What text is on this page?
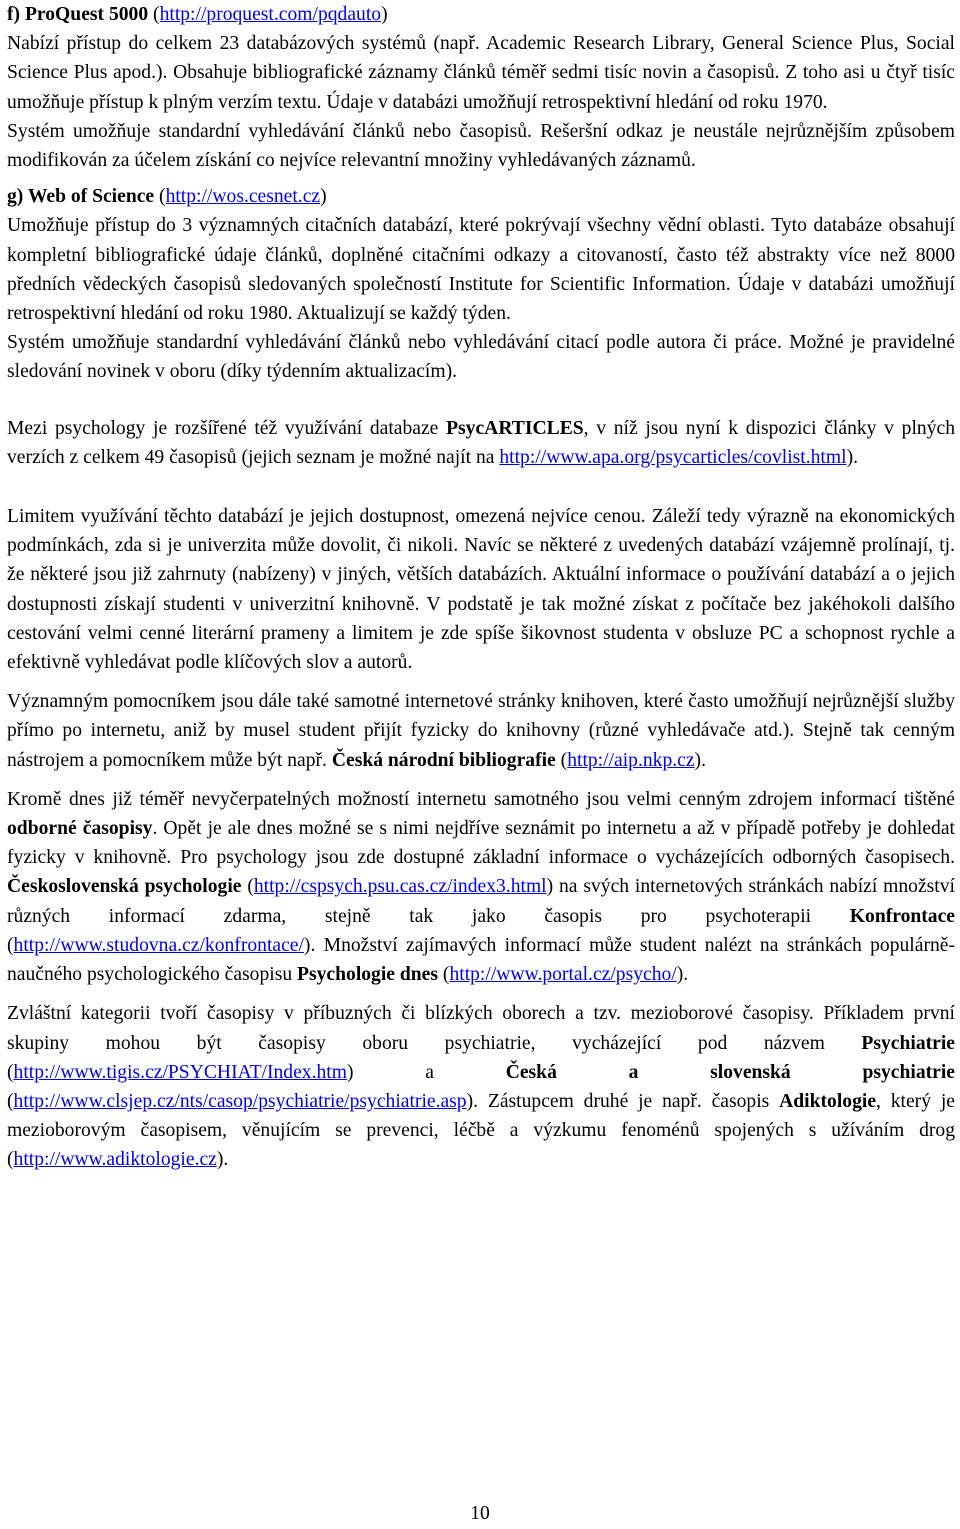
f) ProQuest 5000 (http://proquest.com/pqdauto)

Nabízí přístup do celkem 23 databázových systémů (např. Academic Research Library, General Science Plus, Social Science Plus apod.). Obsahuje bibliografické záznamy článků téměř sedmi tisíc novin a časopisů. Z toho asi u čtyř tisíc umožňuje přístup k plným verzím textu. Údaje v databázi umožňují retrospektivní hledání od roku 1970.

Systém umožňuje standardní vyhledávání článků nebo časopisů. Rešeršní odkaz je neustále nejrůznějším způsobem modifikován za účelem získání co nejvíce relevantní množiny vyhledávaných záznamů.

g) Web of Science (http://wos.cesnet.cz)

Umožňuje přístup do 3 významných citačních databází, které pokrývají všechny vědní oblasti. Tyto databáze obsahují kompletní bibliografické údaje článků, doplněné citačními odkazy a citovaností, často též abstrakty více než 8000 předních vědeckých časopisů sledovaných společností Institute for Scientific Information. Údaje v databázi umožňují retrospektivní hledání od roku 1980. Aktualizují se každý týden.

Systém umožňuje standardní vyhledávání článků nebo vyhledávání citací podle autora či práce. Možné je pravidelné sledování novinek v oboru (díky týdenním aktualizacím).

Mezi psychology je rozšířené též využívání databaze PsycARTICLES, v níž jsou nyní k dispozici články v plných verzích z celkem 49 časopisů (jejich seznam je možné najít na http://www.apa.org/psycarticles/covlist.html).

Limitem využívání těchto databází je jejich dostupnost, omezená nejvíce cenou. Záleží tedy výrazně na ekonomických podmínkách, zda si je univerzita může dovolit, či nikoli. Navíc se některé z uvedených databází vzájemně prolínají, tj. že některé jsou již zahrnuty (nabízeny) v jiných, větších databázích. Aktuální informace o používání databází a o jejich dostupnosti získají studenti v univerzitní knihovně. V podstatě je tak možné získat z počítače bez jakéhokoli dalšího cestování velmi cenné literární prameny a limitem je zde spíše šikovnost studenta v obsluze PC a schopnost rychle a efektivně vyhledávat podle klíčových slov a autorů.

Významným pomocníkem jsou dále také samotné internetové stránky knihoven, které často umožňují nejrůznější služby přímo po internetu, aniž by musel student přijít fyzicky do knihovny (různé vyhledávače atd.). Stejně tak cenným nástrojem a pomocníkem může být např. Česká národní bibliografie (http://aip.nkp.cz).

Kromě dnes již téměř nevyčerpatelných možností internetu samotného jsou velmi cenným zdrojem informací tištěné odborné časopisy. Opět je ale dnes možné se s nimi nejdříve seznámit po internetu a až v případě potřeby je dohledat fyzicky v knihovně. Pro psychology jsou zde dostupné základní informace o vycházejících odborných časopisech. Československá psychologie (http://cspsych.psu.cas.cz/index3.html) na svých internetových stránkách nabízí množství různých informací zdarma, stejně tak jako časopis pro psychoterapii Konfrontace (http://www.studovna.cz/konfrontace/). Množství zajímavých informací může student nalézt na stránkách populárně-naučného psychologického časopisu Psychologie dnes (http://www.portal.cz/psycho/).

Zvláštní kategorii tvoří časopisy v příbuzných či blízkých oborech a tzv. mezioborové časopisy. Příkladem první skupiny mohou být časopisy oboru psychiatrie, vycházející pod názvem Psychiatrie (http://www.tigis.cz/PSYCHIAT/Index.htm) a Česká a slovenská psychiatrie (http://www.clsjep.cz/nts/casop/psychiatrie/psychiatrie.asp). Zástupcem druhé je např. časopis Adiktologie, který je mezioborovým časopisem, věnujícím se prevenci, léčbě a výzkumu fenoménů spojených s užíváním drog (http://www.adiktologie.cz).

10
